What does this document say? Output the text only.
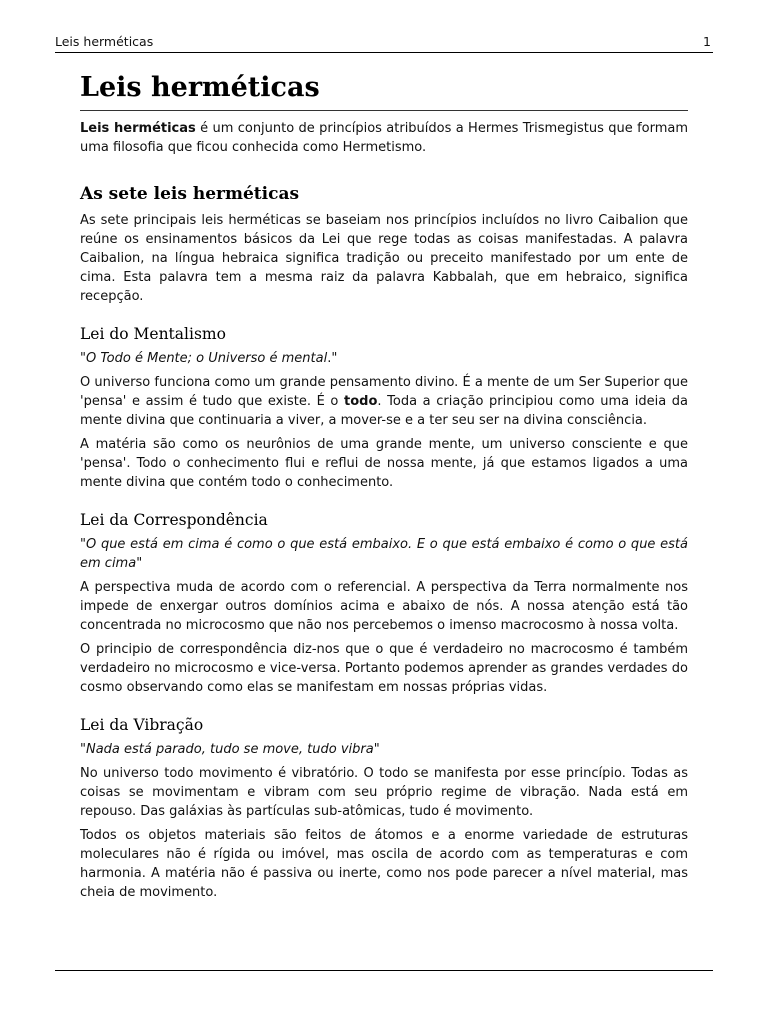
Leis herméticas	1
Leis herméticas

Leis herméticas é um conjunto de princípios atribuídos a Hermes Trismegistus que formam uma filosofia que ficou conhecida como Hermetismo.

As sete leis herméticas

As sete principais leis herméticas se baseiam nos princípios incluídos no livro Caibalion que reúne os ensinamentos básicos da Lei que rege todas as coisas manifestadas. A palavra Caibalion, na língua hebraica significa tradição ou preceito manifestado por um ente de cima. Esta palavra tem a mesma raiz da palavra Kabbalah, que em hebraico, significa recepção.

Lei do Mentalismo

"O Todo é Mente; o Universo é mental."

O universo funciona como um grande pensamento divino. É a mente de um Ser Superior que 'pensa' e assim é tudo que existe. É o todo. Toda a criação principiou como uma ideia da mente divina que continuaria a viver, a mover-se e a ter seu ser na divina consciência.

A matéria são como os neurônios de uma grande mente, um universo consciente e que 'pensa'. Todo o conhecimento flui e reflui de nossa mente, já que estamos ligados a uma mente divina que contém todo o conhecimento.

Lei da Correspondência

"O que está em cima é como o que está embaixo. E o que está embaixo é como o que está em cima"

A perspectiva muda de acordo com o referencial. A perspectiva da Terra normalmente nos impede de enxergar outros domínios acima e abaixo de nós. A nossa atenção está tão concentrada no microcosmo que não nos percebemos o imenso macrocosmo à nossa volta.

O principio de correspondência diz-nos que o que é verdadeiro no macrocosmo é também verdadeiro no microcosmo e vice-versa. Portanto podemos aprender as grandes verdades do cosmo observando como elas se manifestam em nossas próprias vidas.

Lei da Vibração

"Nada está parado, tudo se move, tudo vibra"

No universo todo movimento é vibratório. O todo se manifesta por esse princípio. Todas as coisas se movimentam e vibram com seu próprio regime de vibração. Nada está em repouso. Das galáxias às partículas sub-atômicas, tudo é movimento.

Todos os objetos materiais são feitos de átomos e a enorme variedade de estruturas moleculares não é rígida ou imóvel, mas oscila de acordo com as temperaturas e com harmonia. A matéria não é passiva ou inerte, como nos pode parecer a nível material, mas cheia de movimento.
